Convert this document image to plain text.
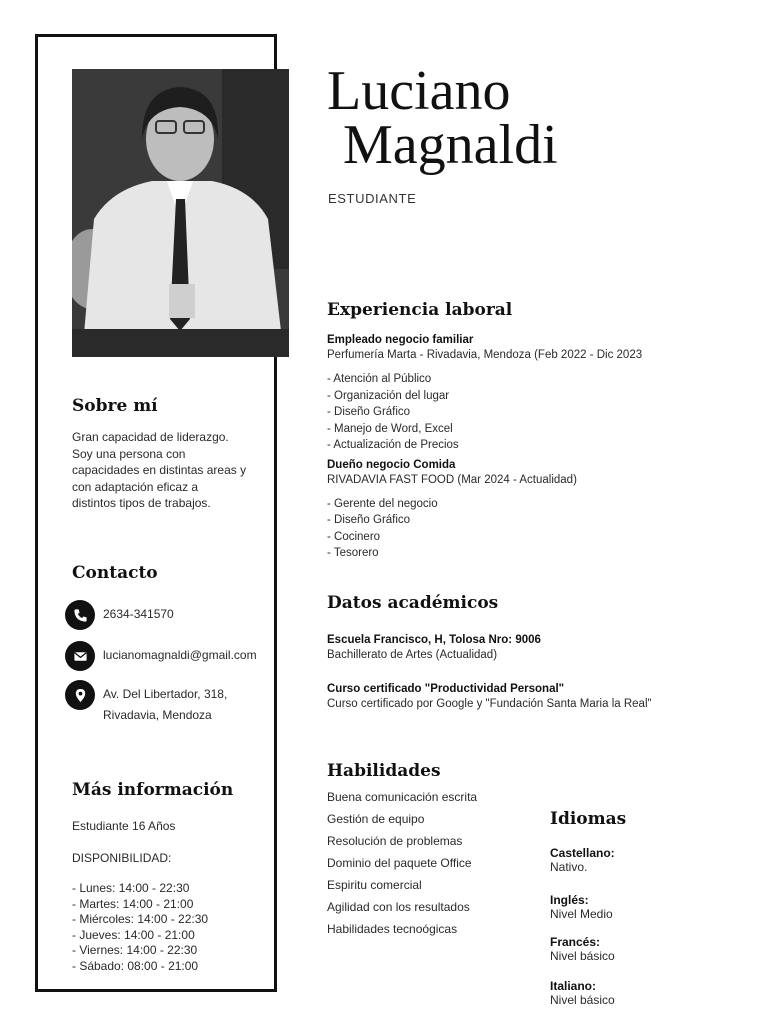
Luciano
Magnaldi
ESTUDIANTE
Sobre mí
Gran capacidad de liderazgo.
Soy una persona con
capacidades en distintas areas y
con adaptación eficaz a
distintos tipos de trabajos.
Contacto
2634-341570
lucianomagnaldi@gmail.com
Av. Del Libertador, 318,
Rivadavia, Mendoza
Más información
Estudiante 16 Años
DISPONIBILIDAD:
- Lunes: 14:00 - 22:30
- Martes: 14:00 - 21:00
- Miércoles: 14:00 - 22:30
- Jueves: 14:00 - 21:00
- Viernes: 14:00 - 22:30
- Sábado: 08:00 - 21:00
Experiencia laboral
Empleado negocio familiar
Perfumería Marta - Rivadavia, Mendoza (Feb 2022 - Dic 2023
- Atención al Público
- Organización del lugar
- Diseño Gráfico
- Manejo de Word, Excel
- Actualización de Precios
Dueño negocio Comida
RIVADAVIA FAST FOOD (Mar 2024 - Actualidad)
- Gerente del negocio
- Diseño Gráfico
- Cocinero
- Tesorero
Datos académicos
Escuela Francisco, H, Tolosa Nro: 9006
Bachillerato de Artes (Actualidad)
Curso certificado "Productividad Personal"
Curso certificado por Google y "Fundación Santa Maria la Real"
Habilidades
Buena comunicación escrita
Gestión de equipo
Resolución de problemas
Dominio del paquete Office
Espiritu comercial
Agilidad con los resultados
Habilidades tecnoógicas
Idiomas
Castellano:
Nativo.
Inglés:
Nivel Medio
Francés:
Nivel básico
Italiano:
Nivel básico
